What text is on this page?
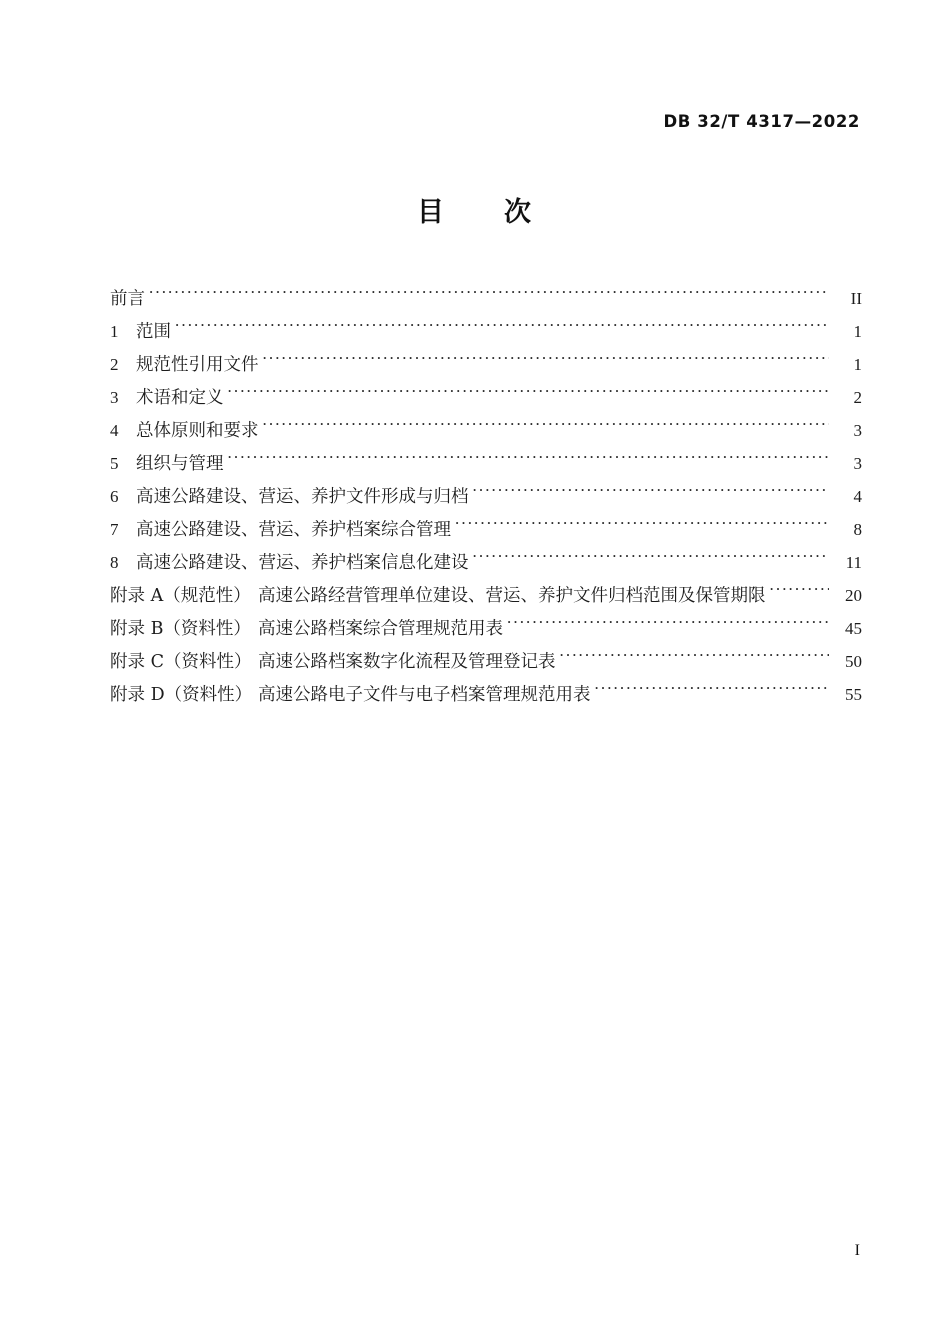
DB 32/T 4317—2022
目　　次
前言 .....	II
1	范围 .....	1
2	规范性引用文件 .....	1
3	术语和定义 .....	2
4	总体原则和要求 .....	3
5	组织与管理 .....	3
6	高速公路建设、营运、养护文件形成与归档 .....	4
7	高速公路建设、营运、养护档案综合管理 .....	8
8	高速公路建设、营运、养护档案信息化建设 .....	11
附录 A（规范性） 高速公路经营管理单位建设、营运、养护文件归档范围及保管期限 .....	20
附录 B（资料性） 高速公路档案综合管理规范用表 .....	45
附录 C（资料性） 高速公路档案数字化流程及管理登记表 .....	50
附录 D（资料性） 高速公路电子文件与电子档案管理规范用表 .....	55
I
